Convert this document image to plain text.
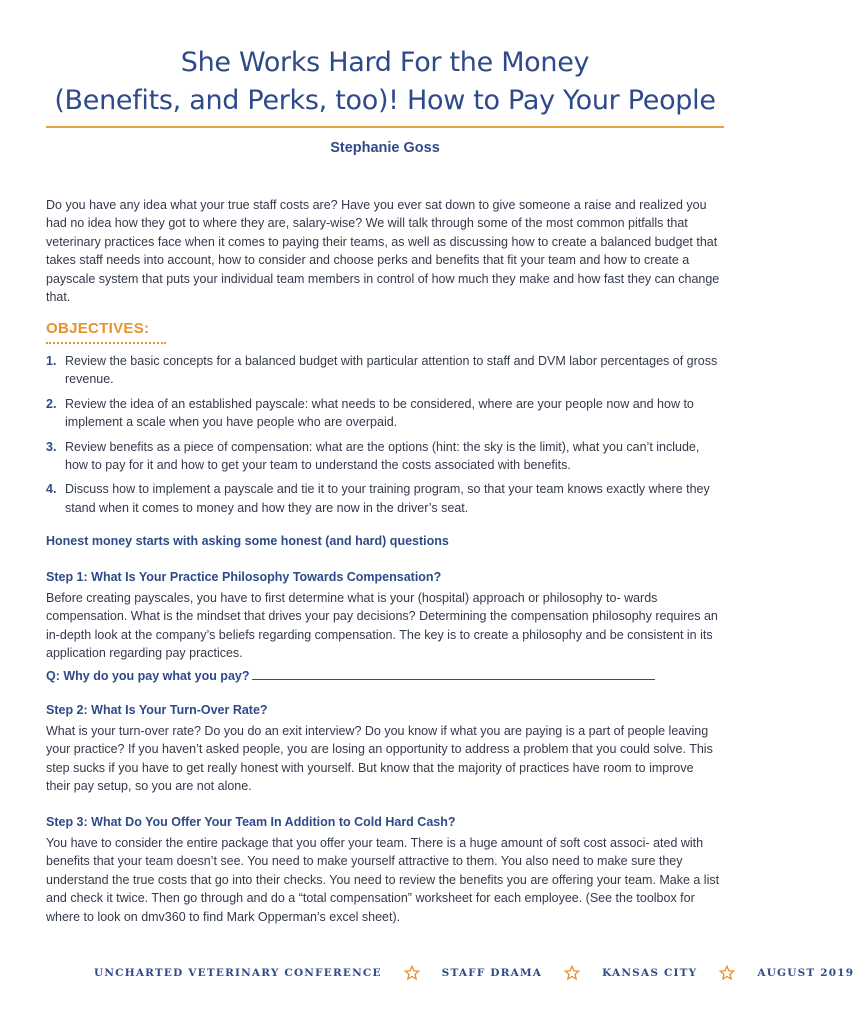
She Works Hard For the Money
(Benefits, and Perks, too)! How to Pay Your People
Stephanie Goss

Do you have any idea what your true staff costs are? Have you ever sat down to give someone a raise and realized you had no idea how they got to where they are, salary-wise? We will talk through some of the most common pitfalls that veterinary practices face when it comes to paying their teams, as well as discussing how to create a balanced budget that takes staff needs into account, how to consider and choose perks and benefits that fit your team and how to create a payscale system that puts your individual team members in control of how much they make and how fast they can change that.

OBJECTIVES:
1. Review the basic concepts for a balanced budget with particular attention to staff and DVM labor percentages of gross revenue.
2. Review the idea of an established payscale: what needs to be considered, where are your people now and how to implement a scale when you have people who are overpaid.
3. Review benefits as a piece of compensation: what are the options (hint: the sky is the limit), what you can’t include, how to pay for it and how to get your team to understand the costs associated with benefits.
4. Discuss how to implement a payscale and tie it to your training program, so that your team knows exactly where they stand when it comes to money and how they are now in the driver’s seat.
Honest money starts with asking some honest (and hard) questions
Step 1: What Is Your Practice Philosophy Towards Compensation?

Before creating payscales, you have to first determine what is your (hospital) approach or philosophy to- wards compensation. What is the mindset that drives your pay decisions? Determining the compensation philosophy requires an in-depth look at the company’s beliefs regarding compensation. The key is to create a philosophy and be consistent in its application regarding pay practices.

Q: Why do you pay what you pay?
Step 2: What Is Your Turn-Over Rate?

What is your turn-over rate? Do you do an exit interview? Do you know if what you are paying is a part of people leaving your practice? If you haven’t asked people, you are losing an opportunity to address a problem that you could solve. This step sucks if you have to get really honest with yourself. But know that the majority of practices have room to improve their pay setup, so you are not alone.

Step 3: What Do You Offer Your Team In Addition to Cold Hard Cash?

You have to consider the entire package that you offer your team. There is a huge amount of soft cost associ- ated with benefits that your team doesn’t see. You need to make yourself attractive to them. You also need to make sure they understand the true costs that go into their checks. You need to review the benefits you are offering your team. Make a list and check it twice. Then go through and do a “total compensation” worksheet for each employee. (See the toolbox for where to look on dmv360 to find Mark Opperman’s excel sheet).

UNCHARTED VETERINARY CONFERENCE	STAFF DRAMA	KANSAS CITY	AUGUST 2019
